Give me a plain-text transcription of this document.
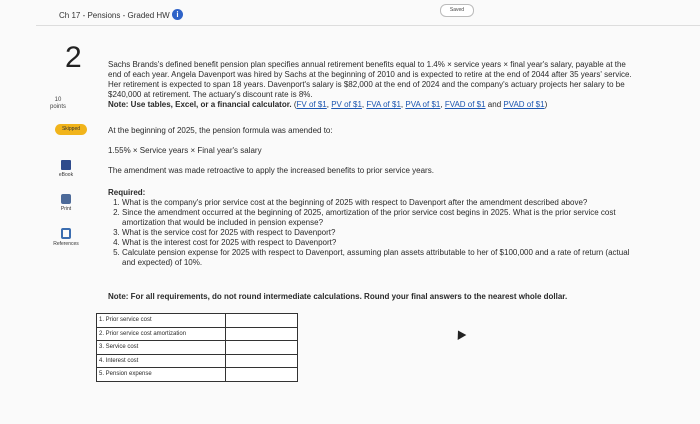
Ch 17 - Pensions - Graded HW i	Saved
2
10
points
Skipped
eBook
Print
References
Sachs Brands's defined benefit pension plan specifies annual retirement benefits equal to 1.4% × service years × final year's salary, payable at the end of each year. Angela Davenport was hired by Sachs at the beginning of 2010 and is expected to retire at the end of 2044 after 35 years' service. Her retirement is expected to span 18 years. Davenport's salary is $82,000 at the end of 2024 and the company's actuary projects her salary to be $240,000 at retirement. The actuary's discount rate is 8%.
Note: Use tables, Excel, or a financial calculator. (FV of $1, PV of $1, FVA of $1, PVA of $1, FVAD of $1 and PVAD of $1)
At the beginning of 2025, the pension formula was amended to:
1.55% × Service years × Final year's salary
The amendment was made retroactive to apply the increased benefits to prior service years.
Required:
1. What is the company's prior service cost at the beginning of 2025 with respect to Davenport after the amendment described above?
2. Since the amendment occurred at the beginning of 2025, amortization of the prior service cost begins in 2025. What is the prior service cost amortization that would be included in pension expense?
3. What is the service cost for 2025 with respect to Davenport?
4. What is the interest cost for 2025 with respect to Davenport?
5. Calculate pension expense for 2025 with respect to Davenport, assuming plan assets attributable to her of $100,000 and a rate of return (actual and expected) of 10%.
Note: For all requirements, do not round intermediate calculations. Round your final answers to the nearest whole dollar.
1. Prior service cost	
2. Prior service cost amortization	
3. Service cost	
4. Interest cost	
5. Pension expense	
